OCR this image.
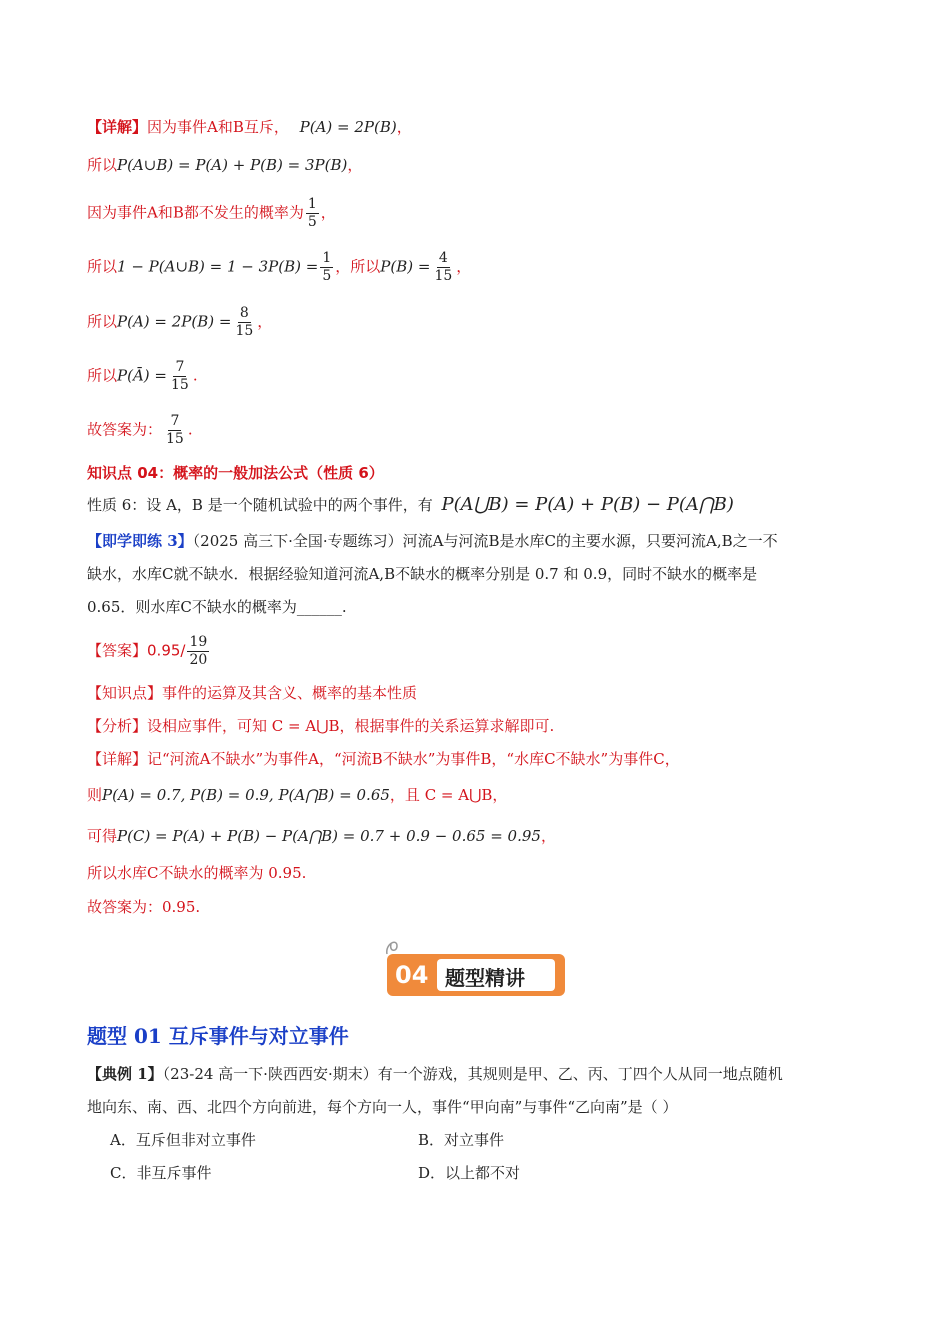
【详解】因为事件A和B互斥， P(A) = 2P(B)，
所以P(A∪B) = P(A) + P(B) = 3P(B)，
因为事件A和B都不发生的概率为 $\frac{1}{5}$ ，
所以1 − P(A∪B) = $1 - 3P(B) = \frac{1}{5}$ ，所以$P(B) = \frac{4}{15}$ ，
所以$P(A) = 2P(B) = \frac{8}{15}$ ，
所以P(Ā) = $\frac{7}{15}$ .
故答案为： $\frac{7}{15}$ .
知识点 04：概率的一般加法公式（性质 6）
性质 6：设 A，B 是一个随机试验中的两个事件，有 P(A⋃B) = P(A) + P(B) − P(A⋂B)
【即学即练 3】（2025 高三下·全国·专题练习）河流A与河流B是水库C的主要水源，只要河流A,B之一不
缺水，水库C就不缺水．根据经验知道河流A,B不缺水的概率分别是 0.7 和 0.9，同时不缺水的概率是
0.65．则水库C不缺水的概率为______.
【答案】$0.95/ \frac{19}{20}$
【知识点】事件的运算及其含义、概率的基本性质
【分析】设相应事件，可知 C = A⋃B，根据事件的关系运算求解即可.
【详解】记“河流A不缺水”为事件A，“河流B不缺水”为事件B，“水库C不缺水”为事件C，
则P(A) = 0.7, P(B) = 0.9, P(A⋂B) = 0.65，且 C = A⋃B，
可得P(C) = P(A) + P(B) − P(A⋂B) = 0.7 + 0.9 − 0.65 = 0.95，
所以水库C不缺水的概率为 0.95.
故答案为：0.95.
04 题型精讲
题型 01 互斥事件与对立事件
【典例 1】（23-24 高一下·陕西西安·期末）有一个游戏，其规则是甲、乙、丙、丁四个人从同一地点随机
地向东、南、西、北四个方向前进，每个方向一人，事件“甲向南”与事件“乙向南”是（ ）
A．互斥但非对立事件	B．对立事件
C．非互斥事件	D．以上都不对
